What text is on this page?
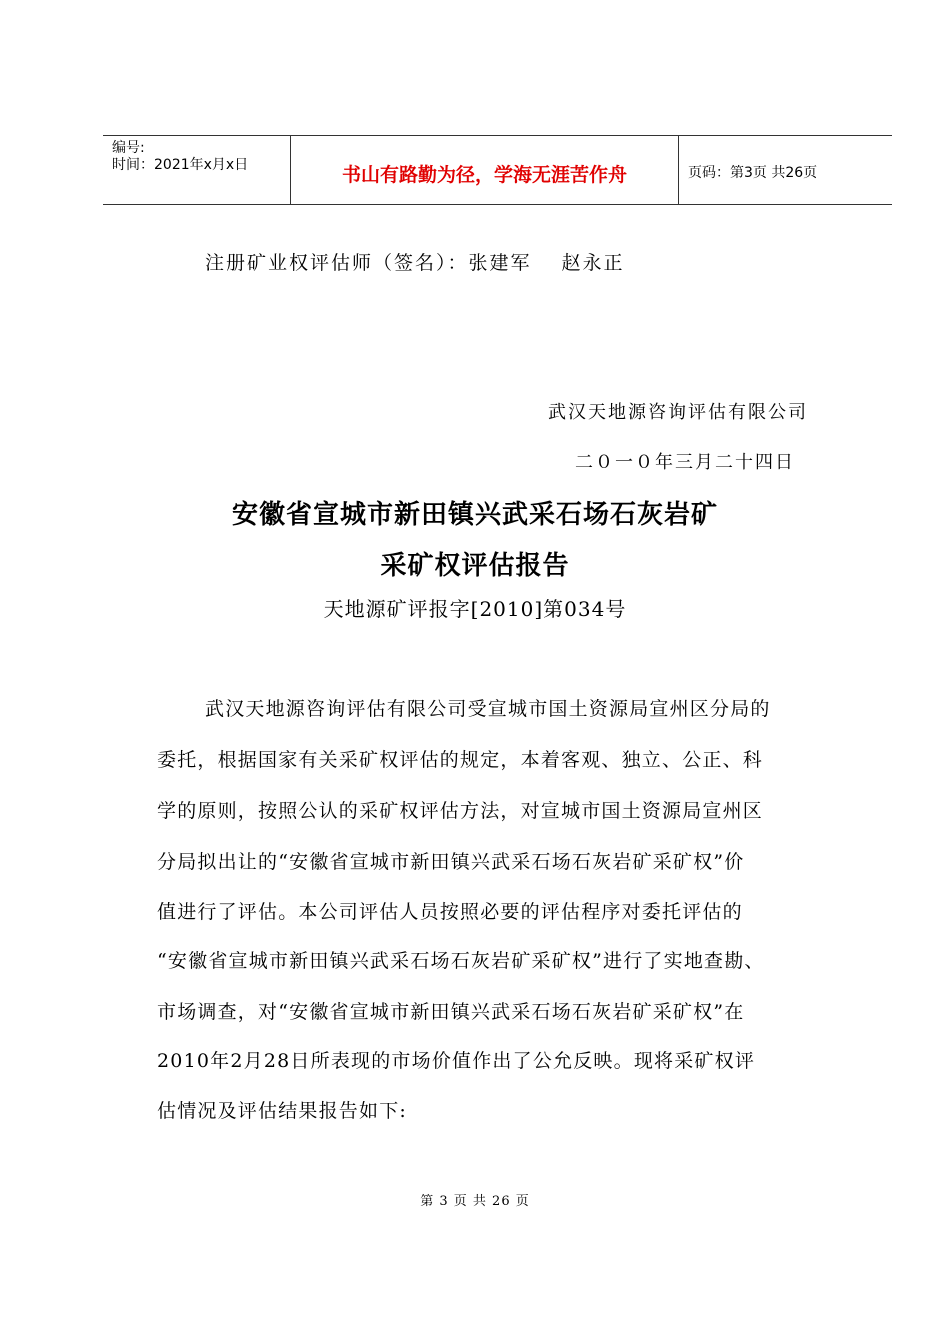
编号:
时间：2021年x月x日	书山有路勤为径，学海无涯苦作舟	页码：第3页 共26页
注册矿业权评估师（签名）：张建军 赵永正
武汉天地源咨询评估有限公司
二０一０年三月二十四日
安徽省宣城市新田镇兴武采石场石灰岩矿
采矿权评估报告
天地源矿评报字[2010]第034号
武汉天地源咨询评估有限公司受宣城市国土资源局宣州区分局的
委托，根据国家有关采矿权评估的规定，本着客观、独立、公正、科
学的原则，按照公认的采矿权评估方法，对宣城市国土资源局宣州区
分局拟出让的“安徽省宣城市新田镇兴武采石场石灰岩矿采矿权”价
值进行了评估。本公司评估人员按照必要的评估程序对委托评估的
“安徽省宣城市新田镇兴武采石场石灰岩矿采矿权”进行了实地查勘、
市场调查，对“安徽省宣城市新田镇兴武采石场石灰岩矿采矿权”在
2010年2月28日所表现的市场价值作出了公允反映。现将采矿权评
估情况及评估结果报告如下:
第 3 页 共 26 页
